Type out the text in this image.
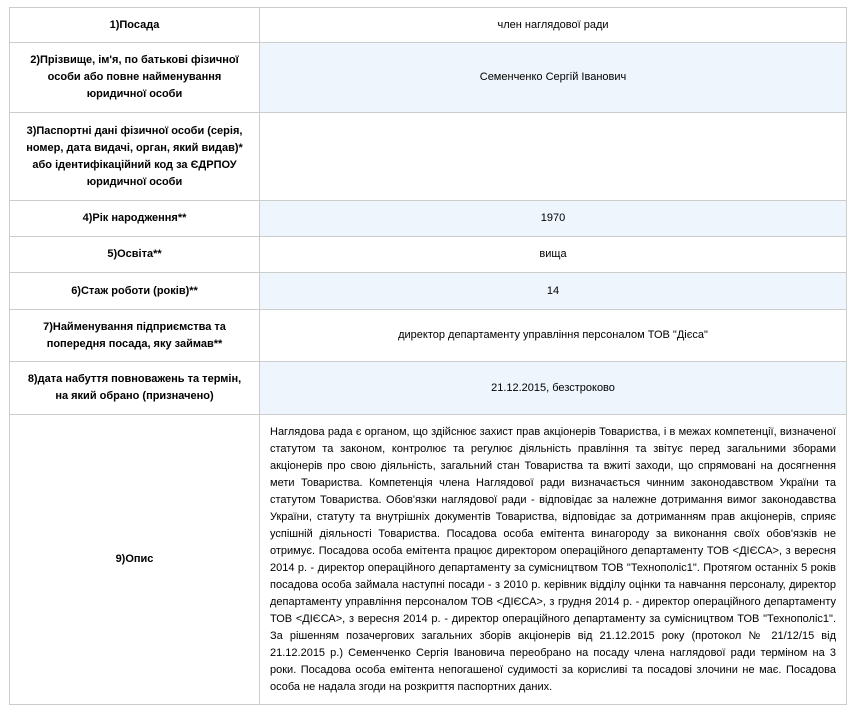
1)Посада	член наглядової ради
2)Прізвище, ім'я, по батькові фізичної особи або повне найменування юридичної особи	Семенченко Сергій Іванович
3)Паспортні дані фізичної особи (серія, номер, дата видачі, орган, який видав)* або ідентифікаційний код за ЄДРПОУ юридичної особи	
4)Рік народження**	1970
5)Освіта**	вища
6)Стаж роботи (років)**	14
7)Найменування підприємства та попередня посада, яку займав**	директор департаменту управління персоналом ТОВ "Дієса"
8)дата набуття повноважень та термін, на який обрано (призначено)	21.12.2015, безстроково
9)Опис	Наглядова рада є органом, що здійснює захист прав акціонерів Товариства, і в межах компетенції, визначеної статутом та законом, контролює та регулює діяльність правління та звітує перед загальними зборами акціонерів про свою діяльність, загальний стан Товариства та вжиті заходи, що спрямовані на досягнення мети Товариства. Компетенція члена Наглядової ради визначається чинним законодавством України та статутом Товариства. Обов'язки наглядової ради - відповідає за належне дотримання вимог законодавства України, статуту та внутрішніх документів Товариства, відповідає за дотриманням прав акціонерів, сприяє успішній діяльності Товариства. Посадова особа емітента винагороду за виконання своїх обов'язків не отримує. Посадова особа емітента працює директором операційного департаменту ТОВ <ДІЄСА>, з вересня 2014 р. - директор операційного департаменту за сумісництвом ТОВ "Технополіс1". Протягом останніх 5 років посадова особа займала наступні посади - з 2010 р. керівник відділу оцінки та навчання персоналу, директор департаменту управління персоналом ТОВ <ДІЄСА>, з грудня 2014 р. - директор операційного департаменту ТОВ <ДІЄСА>, з вересня 2014 р. - директор операційного департаменту за сумісництвом ТОВ "Технополіс1". За рішенням позачергових загальних зборів акціонерів від 21.12.2015 року (протокол № 21/12/15 від 21.12.2015 р.) Семенченко Сергія Івановича переобрано на посаду члена наглядової ради терміном на 3 роки. Посадова особа емітента непогашеної судимості за корисливі та посадові злочини не має. Посадова особа не надала згоди на розкриття паспортних даних.
